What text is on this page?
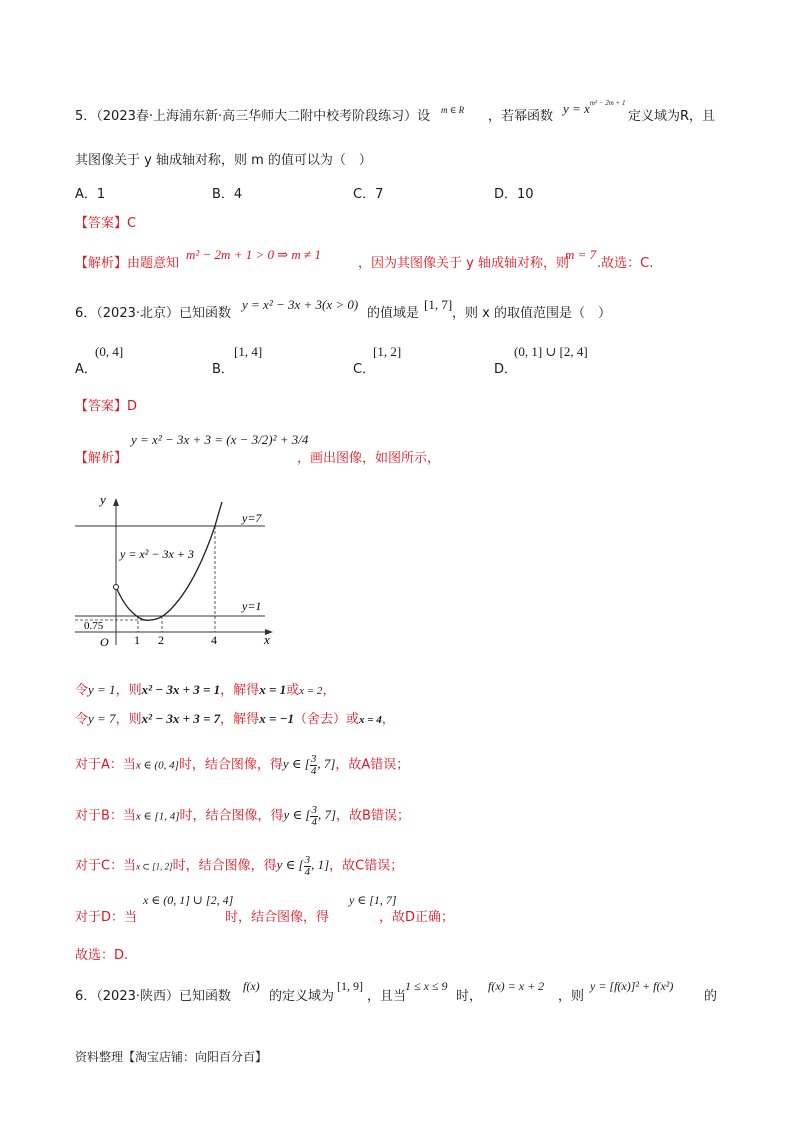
5．（2023春·上海浦东新·高三华师大二附中校考阶段练习）设 m ∈ R ，若幂函数
$y = x^{m^2 - 2m + 1}$
定义域为R，且
其图像关于 y 轴成轴对称，则 m 的值可以为（　）
A．1	B．4	C．7	D．10
【答案】C
【解析】由题意知
m² − 2m + 1 > 0 ⇒ m ≠ 1
，因为其图像关于 y 轴成轴对称，则
m = 7
.故选：C.
6．（2023·北京）已知函数
y = x² − 3x + 3(x > 0)
的值域是
[1, 7]
，则 x 的取值范围是（　）
A．
(0, 4]
B．
[1, 4]
C．
[1, 2]
D．
(0, 1] ∪ [2, 4]
【答案】D
【解析】
y = x² − 3x + 3 = (x − 3/2)² + 3/4
，画出图像，如图所示，
y
x
O
y=7
y=1
y = x² − 3x + 3
0.75
1 2	4
令y = 1，则x² − 3x + 3 = 1，解得x = 1或x = 2，
令y = 7，则x² − 3x + 3 = 7，解得x = −1（舍去）或x = 4，
对于A：当x ∈ (0, 4]时，结合图像，得y ∈ [ $\frac{3}{4}$ , 7]，故A错误；
对于B：当x ∈ [1, 4]时，结合图像，得y ∈ [ $\frac{3}{4}$ , 7]，故B错误；
对于C：当x ⊂ [1, 2]时，结合图像，得y ∈ [ $\frac{3}{4}$ , 1]，故C错误；
x ∈ (0, 1] ∪ [2, 4]	y ∈ [1, 7]
对于D：当	时，结合图像，得	，故D正确；
故选：D.
6．（2023·陕西）已知函数
f(x)
的定义域为
[1, 9]
，且当
1 ≤ x ≤ 9
时，
f(x) = x + 2
，则
y = [f(x)]² + f(x²)
的
资料整理【淘宝店铺：向阳百分百】
